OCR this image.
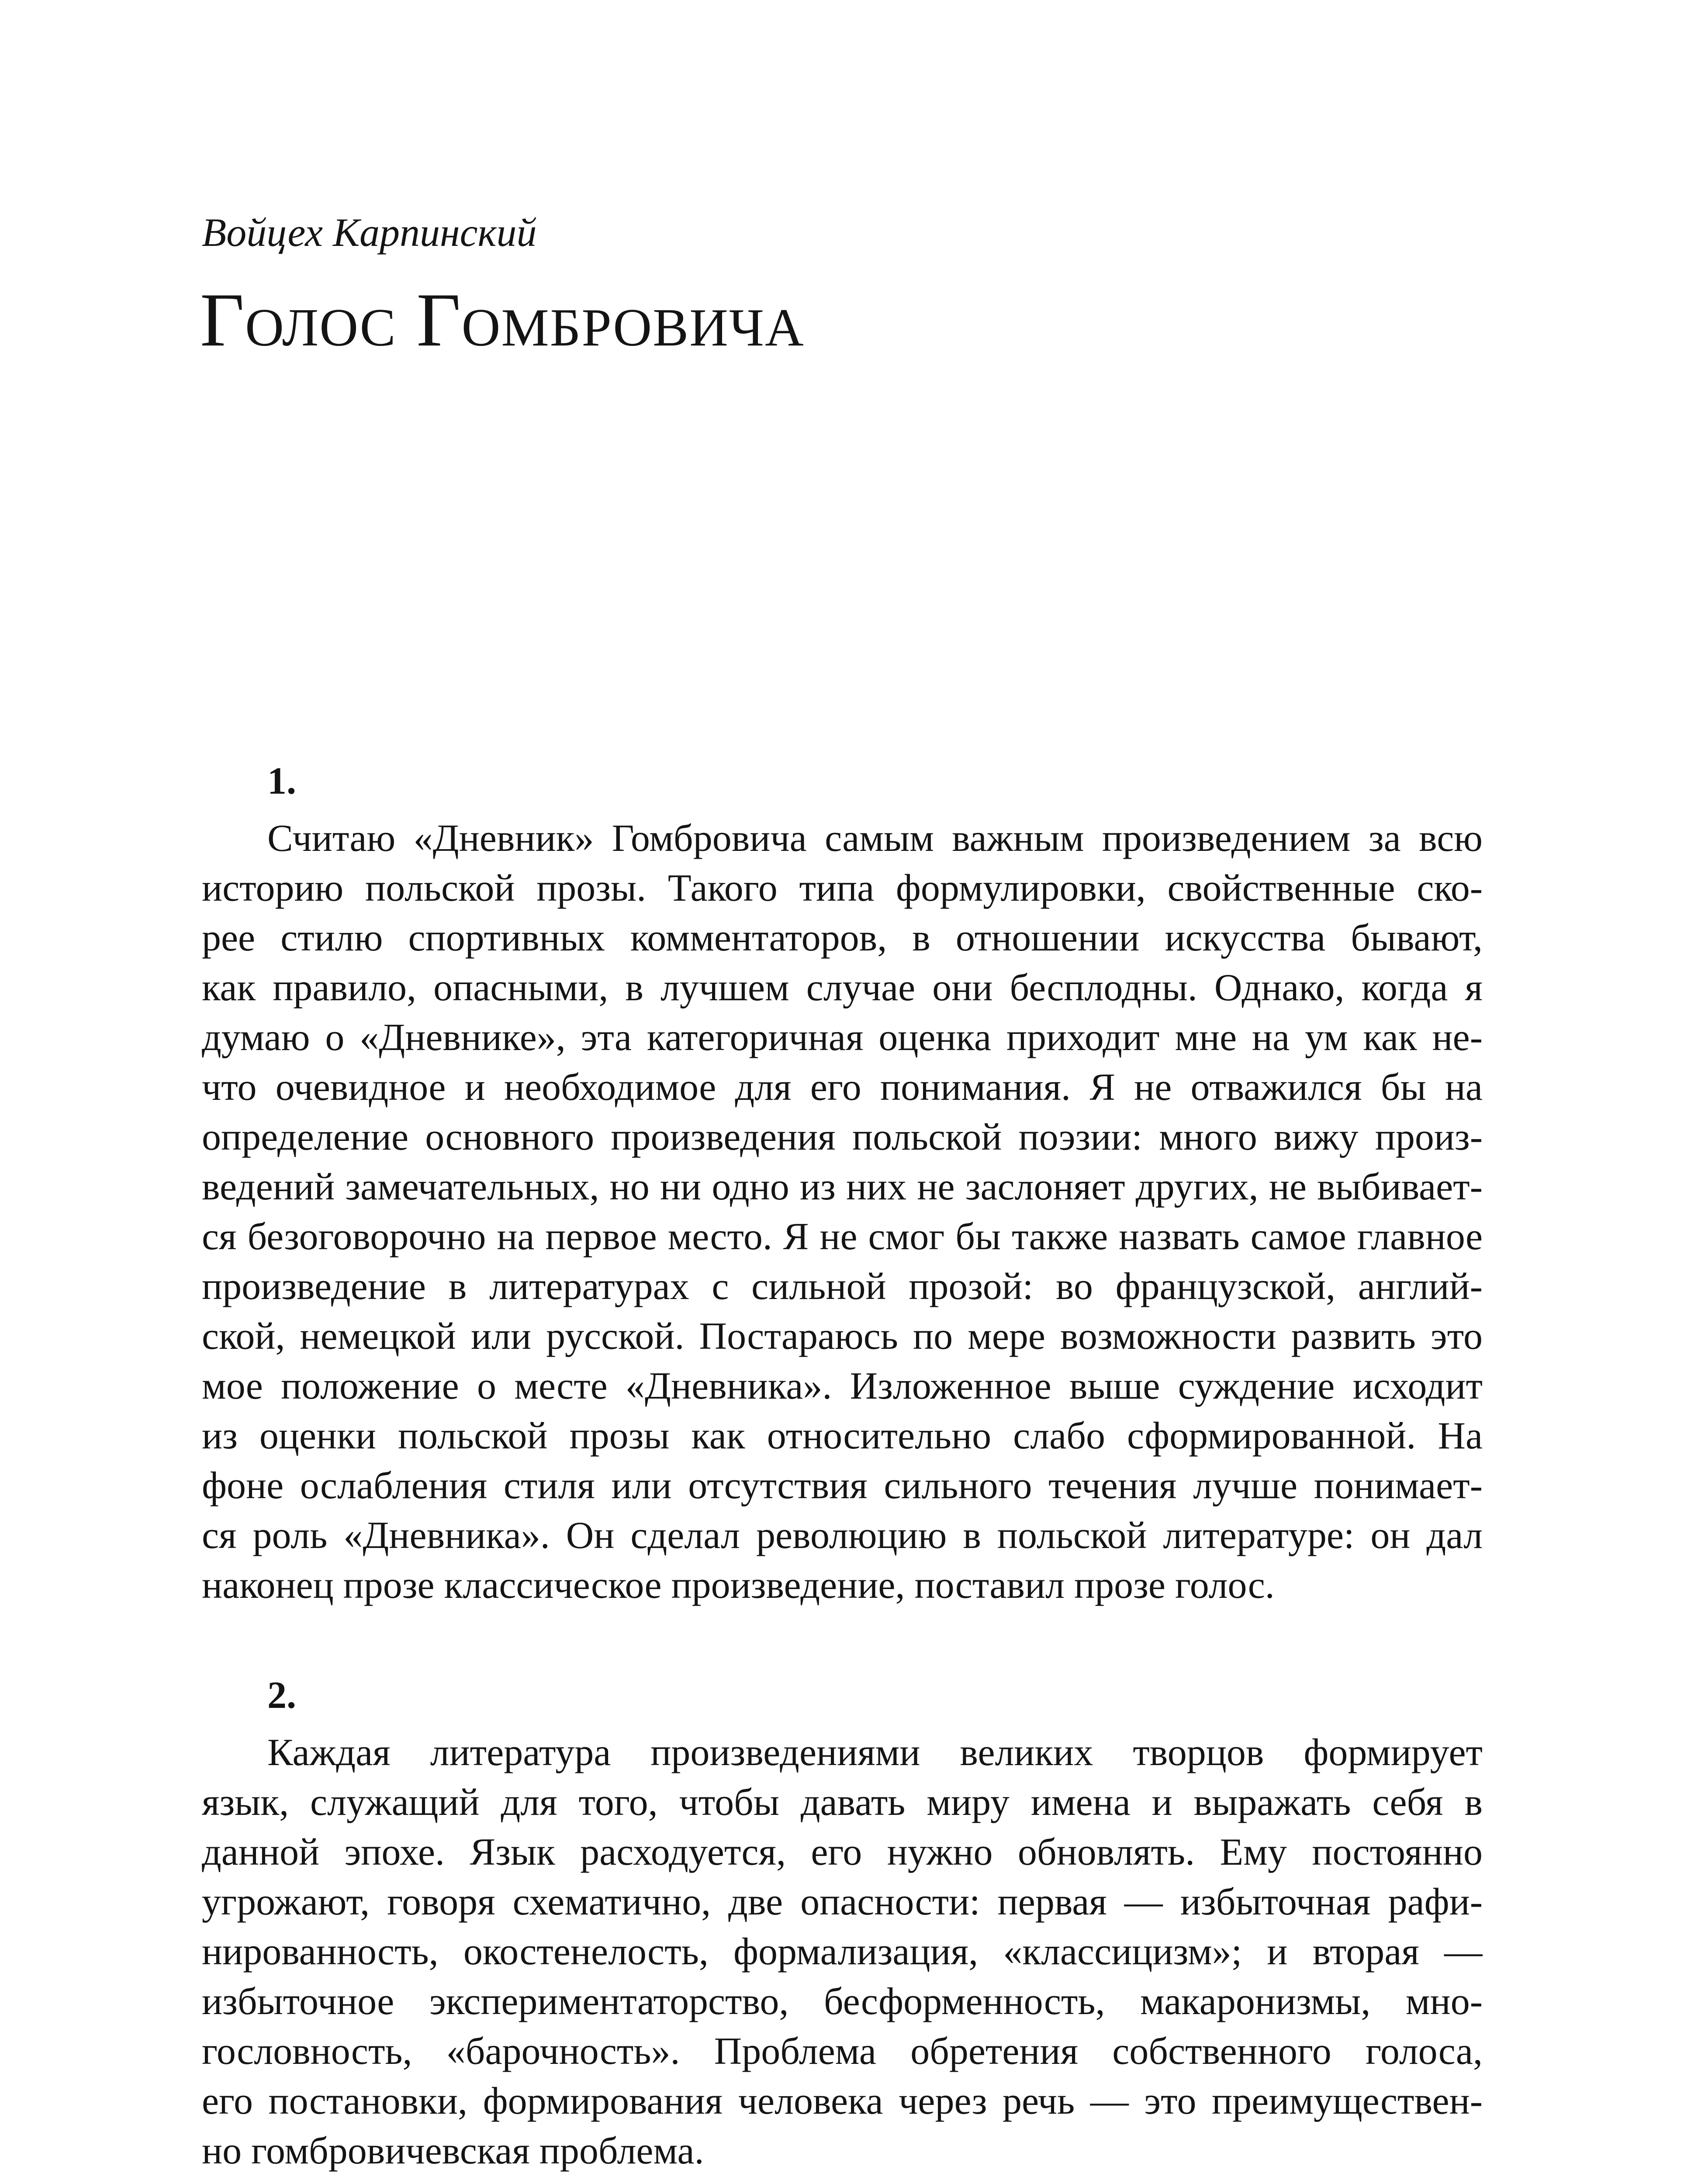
Войцех Карпинский
Голос Гомбровича
1.
Считаю «Дневник» Гомбровича самым важным произведением за всю
историю польской прозы. Такого типа формулировки, свойственные ско-
рее стилю спортивных комментаторов, в отношении искусства бывают,
как правило, опасными, в лучшем случае они бесплодны. Однако, когда я
думаю о «Дневнике», эта категоричная оценка приходит мне на ум как не-
что очевидное и необходимое для его понимания. Я не отважился бы на
определение основного произведения польской поэзии: много вижу произ-
ведений замечательных, но ни одно из них не заслоняет других, не выбивает-
ся безоговорочно на первое место. Я не смог бы также назвать самое главное
произведение в литературах с сильной прозой: во французской, англий-
ской, немецкой или русской. Постараюсь по мере возможности развить это
мое положение о месте «Дневника». Изложенное выше суждение исходит
из оценки польской прозы как относительно слабо сформированной. На
фоне ослабления стиля или отсутствия сильного течения лучше понимает-
ся роль «Дневника». Он сделал революцию в польской литературе: он дал
наконец прозе классическое произведение, поставил прозе голос.
2.
Каждая литература произведениями великих творцов формирует
язык, служащий для того, чтобы давать миру имена и выражать себя в
данной эпохе. Язык расходуется, его нужно обновлять. Ему постоянно
угрожают, говоря схематично, две опасности: первая — избыточная рафи-
нированность, окостенелость, формализация, «классицизм»; и вторая —
избыточное экспериментаторство, бесформенность, макаронизмы, мно-
гословность, «барочность». Проблема обретения собственного голоса,
его постановки, формирования человека через речь — это преимуществен-
но гомбровичевская проблема.
